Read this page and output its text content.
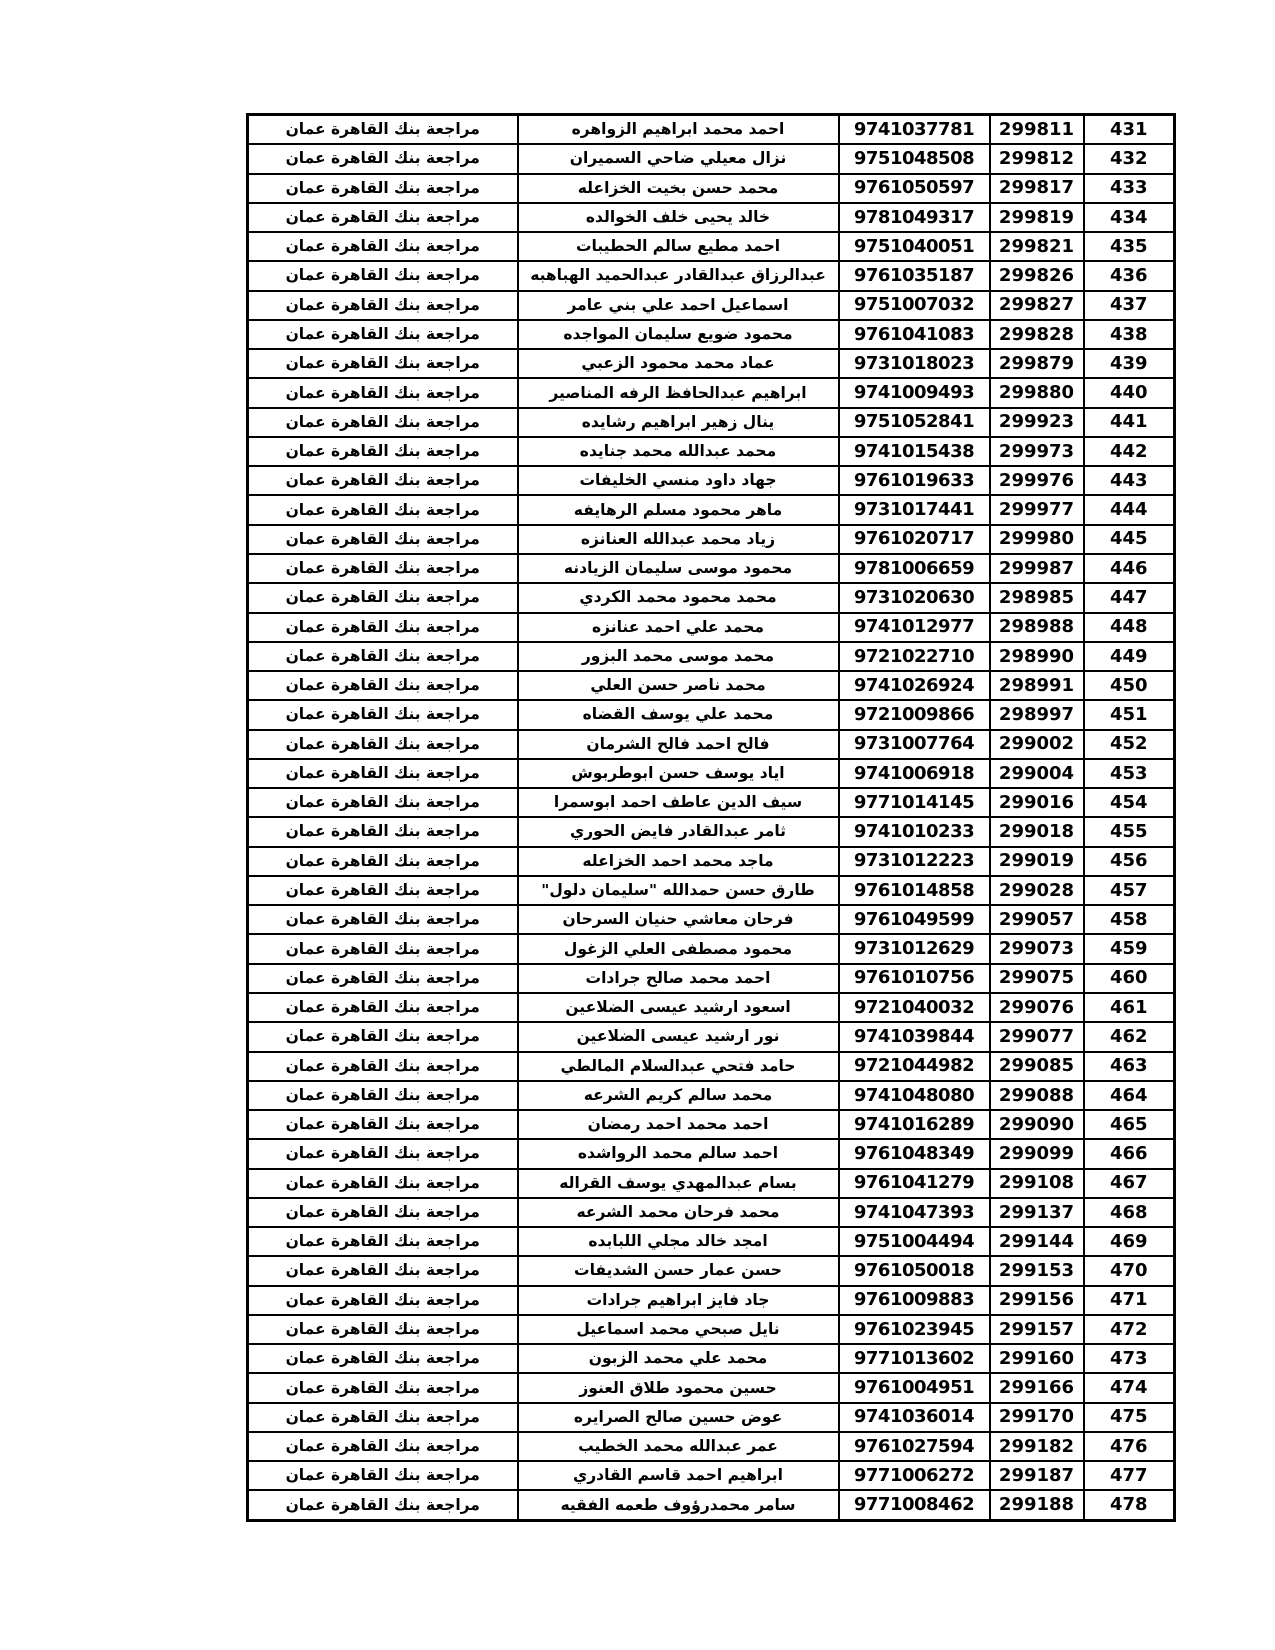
431	299811	9741037781	احمد محمد ابراهيم الزواهره	مراجعة بنك القاهرة عمان
432	299812	9751048508	نزال معيلي ضاحي السميران	مراجعة بنك القاهرة عمان
433	299817	9761050597	محمد حسن بخيت الخزاعله	مراجعة بنك القاهرة عمان
434	299819	9781049317	خالد يحيى خلف الخوالده	مراجعة بنك القاهرة عمان
435	299821	9751040051	احمد مطيع سالم الحطيبات	مراجعة بنك القاهرة عمان
436	299826	9761035187	عبدالرزاق عبدالقادر عبدالحميد الهباهبه	مراجعة بنك القاهرة عمان
437	299827	9751007032	اسماعيل احمد علي بني عامر	مراجعة بنك القاهرة عمان
438	299828	9761041083	محمود ضويع سليمان المواجده	مراجعة بنك القاهرة عمان
439	299879	9731018023	عماد محمد محمود الزعبي	مراجعة بنك القاهرة عمان
440	299880	9741009493	ابراهيم عبدالحافظ الرفه المناصير	مراجعة بنك القاهرة عمان
441	299923	9751052841	ينال زهير ابراهيم رشايده	مراجعة بنك القاهرة عمان
442	299973	9741015438	محمد عبدالله محمد جنايده	مراجعة بنك القاهرة عمان
443	299976	9761019633	جهاد داود منسي الخليفات	مراجعة بنك القاهرة عمان
444	299977	9731017441	ماهر محمود مسلم الرهايفه	مراجعة بنك القاهرة عمان
445	299980	9761020717	زياد محمد عبدالله العنانزه	مراجعة بنك القاهرة عمان
446	299987	9781006659	محمود موسى سليمان الزيادنه	مراجعة بنك القاهرة عمان
447	298985	9731020630	محمد محمود محمد الكردي	مراجعة بنك القاهرة عمان
448	298988	9741012977	محمد علي احمد عنانزه	مراجعة بنك القاهرة عمان
449	298990	9721022710	محمد موسى محمد البزور	مراجعة بنك القاهرة عمان
450	298991	9741026924	محمد ناصر حسن العلي	مراجعة بنك القاهرة عمان
451	298997	9721009866	محمد علي يوسف القضاه	مراجعة بنك القاهرة عمان
452	299002	9731007764	فالح احمد فالح الشرمان	مراجعة بنك القاهرة عمان
453	299004	9741006918	اياد يوسف حسن ابوطربوش	مراجعة بنك القاهرة عمان
454	299016	9771014145	سيف الدين عاطف احمد ابوسمرا	مراجعة بنك القاهرة عمان
455	299018	9741010233	ثامر عبدالقادر فايض الحوري	مراجعة بنك القاهرة عمان
456	299019	9731012223	ماجد محمد احمد الخزاعله	مراجعة بنك القاهرة عمان
457	299028	9761014858	طارق حسن حمدالله "سليمان دلول"	مراجعة بنك القاهرة عمان
458	299057	9761049599	فرحان معاشي حنيان السرحان	مراجعة بنك القاهرة عمان
459	299073	9731012629	محمود مصطفى العلي الزغول	مراجعة بنك القاهرة عمان
460	299075	9761010756	احمد محمد صالح جرادات	مراجعة بنك القاهرة عمان
461	299076	9721040032	اسعود ارشيد عيسى الضلاعين	مراجعة بنك القاهرة عمان
462	299077	9741039844	نور ارشيد عيسى الضلاعين	مراجعة بنك القاهرة عمان
463	299085	9721044982	حامد فتحي عبدالسلام المالطي	مراجعة بنك القاهرة عمان
464	299088	9741048080	محمد سالم كريم الشرعه	مراجعة بنك القاهرة عمان
465	299090	9741016289	احمد محمد احمد رمضان	مراجعة بنك القاهرة عمان
466	299099	9761048349	احمد سالم محمد الرواشده	مراجعة بنك القاهرة عمان
467	299108	9761041279	بسام عبدالمهدي يوسف القراله	مراجعة بنك القاهرة عمان
468	299137	9741047393	محمد فرحان محمد الشرعه	مراجعة بنك القاهرة عمان
469	299144	9751004494	امجد خالد مجلي اللبابده	مراجعة بنك القاهرة عمان
470	299153	9761050018	حسن عمار حسن الشديفات	مراجعة بنك القاهرة عمان
471	299156	9761009883	جاد فايز ابراهيم جرادات	مراجعة بنك القاهرة عمان
472	299157	9761023945	نايل صبحي محمد اسماعيل	مراجعة بنك القاهرة عمان
473	299160	9771013602	محمد علي محمد الزبون	مراجعة بنك القاهرة عمان
474	299166	9761004951	حسين محمود طلاق العنوز	مراجعة بنك القاهرة عمان
475	299170	9741036014	عوض حسين صالح الصرايره	مراجعة بنك القاهرة عمان
476	299182	9761027594	عمر عبدالله محمد الخطيب	مراجعة بنك القاهرة عمان
477	299187	9771006272	ابراهيم احمد قاسم القادري	مراجعة بنك القاهرة عمان
478	299188	9771008462	سامر محمدرؤوف طعمه الفقيه	مراجعة بنك القاهرة عمان
